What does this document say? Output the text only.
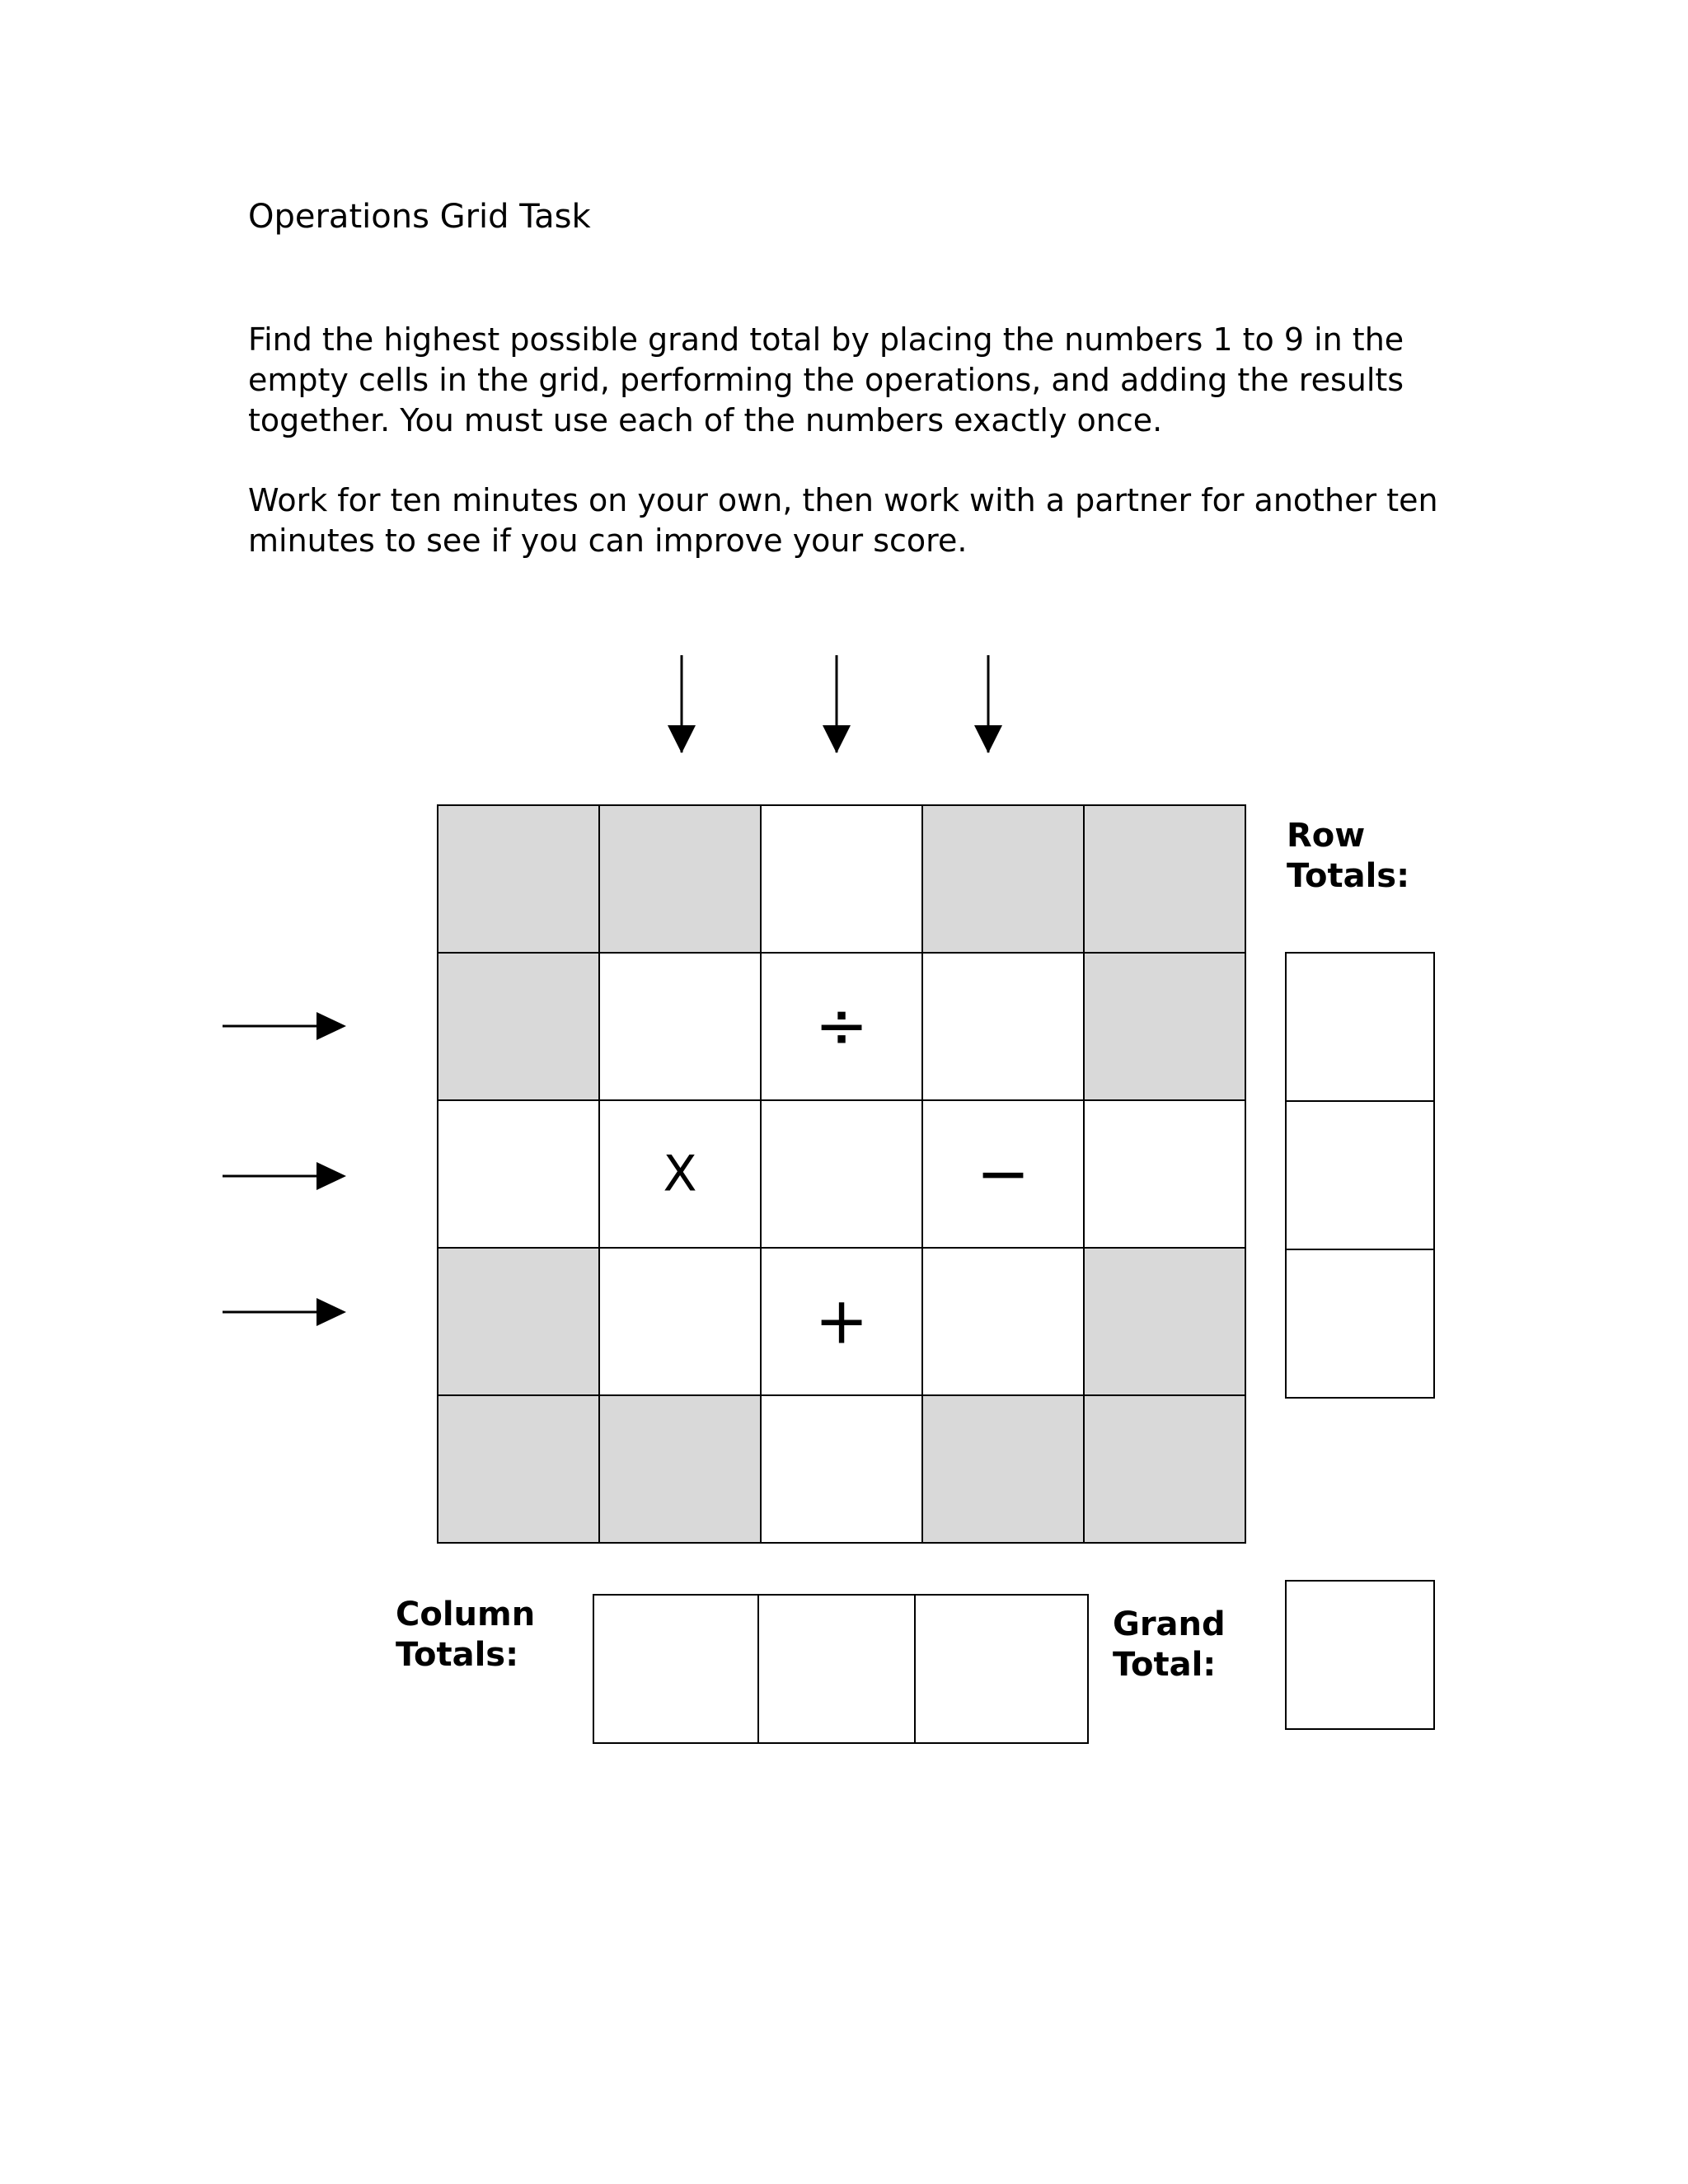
Operations Grid Task
Find the highest possible grand total by placing the numbers 1 to 9 in the empty cells in the grid, performing the operations, and adding the results together. You must use each of the numbers exactly once.
Work for ten minutes on your own, then work with a partner for another ten minutes to see if you can improve your score.
÷
X	−
+
Row
Totals:
Column
Totals:
Grand
Total:
